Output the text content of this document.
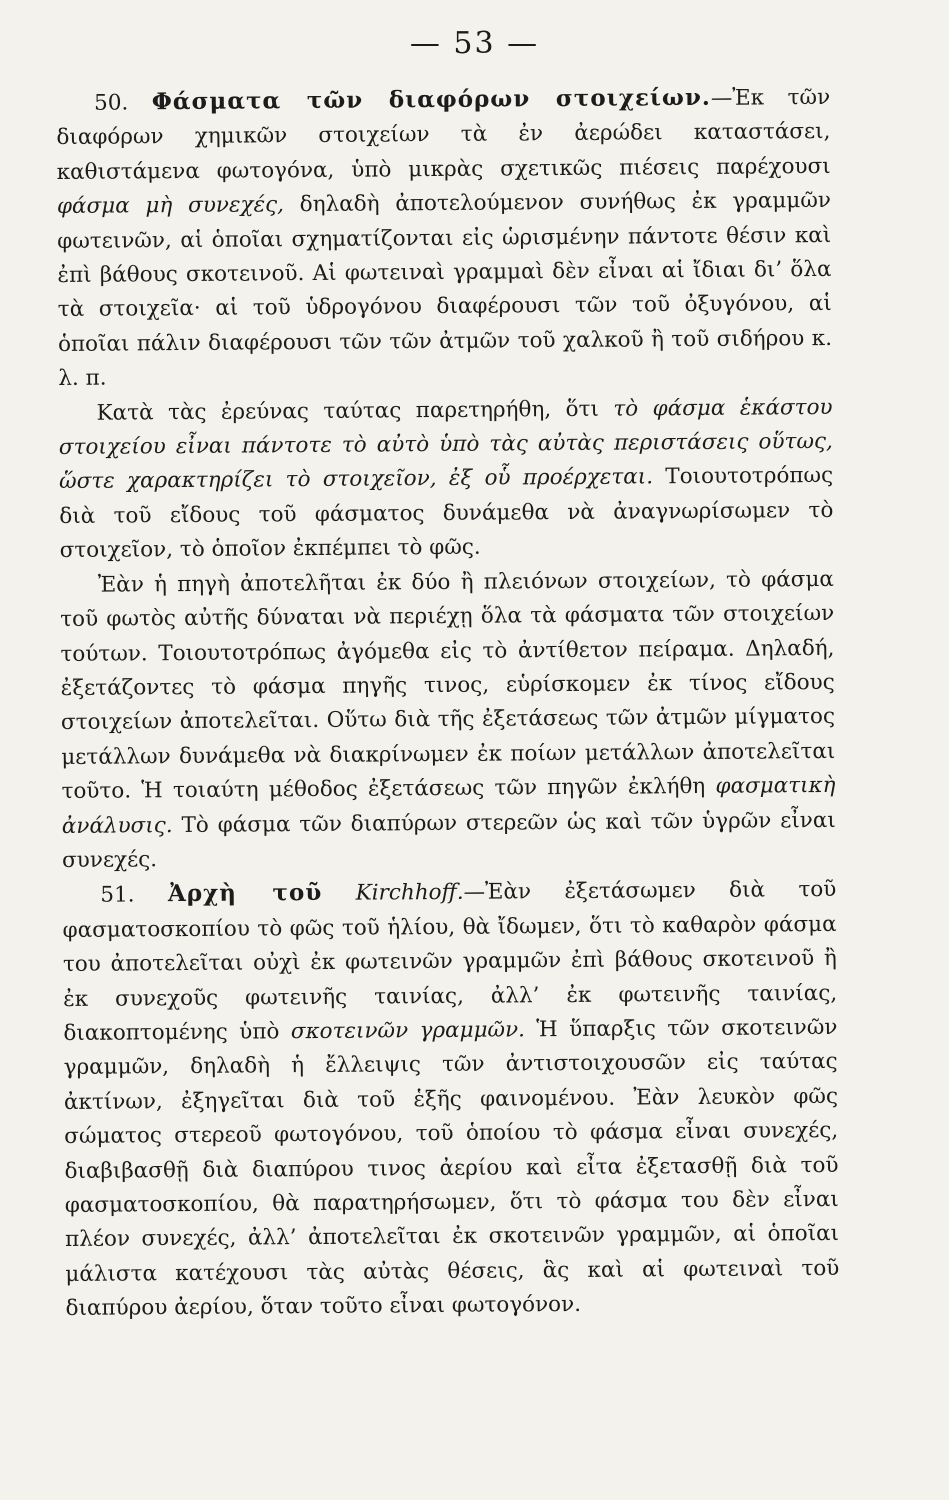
— 53 —

50. Φάσματα τῶν διαφόρων στοιχείων.—Ἐκ τῶν διαφόρων χημικῶν στοιχείων τὰ ἐν ἀερώδει καταστάσει, καθιστάμενα φωτογόνα, ὑπὸ μικρὰς σχετικῶς πιέσεις παρέχουσι φάσμα μὴ συνεχές, δηλαδὴ ἀποτελούμενον συνήθως ἐκ γραμμῶν φωτεινῶν, αἱ ὁποῖαι σχηματίζονται εἰς ὡρισμένην πάντοτε θέσιν καὶ ἐπὶ βάθους σκοτεινοῦ. Αἱ φωτειναὶ γραμμαὶ δὲν εἶναι αἱ ἴδιαι δι’ ὅλα τὰ στοιχεῖα· αἱ τοῦ ὑδρογόνου διαφέρουσι τῶν τοῦ ὀξυγόνου, αἱ ὁποῖαι πάλιν διαφέρουσι τῶν τῶν ἀτμῶν τοῦ χαλκοῦ ἢ τοῦ σιδήρου κ. λ. π.

Κατὰ τὰς ἐρεύνας ταύτας παρετηρήθη, ὅτι τὸ φάσμα ἑκάστου στοιχείου εἶναι πάντοτε τὸ αὐτὸ ὑπὸ τὰς αὐτὰς περιστάσεις οὕτως, ὥστε χαρακτηρίζει τὸ στοιχεῖον, ἐξ οὗ προέρχεται. Τοιουτοτρόπως διὰ τοῦ εἴδους τοῦ φάσματος δυνάμεθα νὰ ἀναγνωρίσωμεν τὸ στοιχεῖον, τὸ ὁποῖον ἐκπέμπει τὸ φῶς.

Ἐὰν ἡ πηγὴ ἀποτελῆται ἐκ δύο ἢ πλειόνων στοιχείων, τὸ φάσμα τοῦ φωτὸς αὐτῆς δύναται νὰ περιέχῃ ὅλα τὰ φάσματα τῶν στοιχείων τούτων. Τοιουτοτρόπως ἀγόμεθα εἰς τὸ ἀντίθετον πείραμα. Δηλαδή, ἐξετάζοντες τὸ φάσμα πηγῆς τινος, εὑρίσκομεν ἐκ τίνος εἴδους στοιχείων ἀποτελεῖται. Οὕτω διὰ τῆς ἐξετάσεως τῶν ἀτμῶν μίγματος μετάλλων δυνάμεθα νὰ διακρίνωμεν ἐκ ποίων μετάλλων ἀποτελεῖται τοῦτο. Ἡ τοιαύτη μέθοδος ἐξετάσεως τῶν πηγῶν ἐκλήθη φασματικὴ ἀνάλυσις. Τὸ φάσμα τῶν διαπύρων στερεῶν ὡς καὶ τῶν ὑγρῶν εἶναι συνεχές.

51. Ἀρχὴ τοῦ Kirchhoff.—Ἐὰν ἐξετάσωμεν διὰ τοῦ φασματοσκοπίου τὸ φῶς τοῦ ἡλίου, θὰ ἴδωμεν, ὅτι τὸ καθαρὸν φάσμα του ἀποτελεῖται οὐχὶ ἐκ φωτεινῶν γραμμῶν ἐπὶ βάθους σκοτεινοῦ ἢ ἐκ συνεχοῦς φωτεινῆς ταινίας, ἀλλ’ ἐκ φωτεινῆς ταινίας, διακοπτομένης ὑπὸ σκοτεινῶν γραμμῶν. Ἡ ὕπαρξις τῶν σκοτεινῶν γραμμῶν, δηλαδὴ ἡ ἔλλειψις τῶν ἀντιστοιχουσῶν εἰς ταύτας ἀκτίνων, ἐξηγεῖται διὰ τοῦ ἑξῆς φαινομένου. Ἐὰν λευκὸν φῶς σώματος στερεοῦ φωτογόνου, τοῦ ὁποίου τὸ φάσμα εἶναι συνεχές, διαβιβασθῇ διὰ διαπύρου τινος ἀερίου καὶ εἶτα ἐξετασθῇ διὰ τοῦ φασματοσκοπίου, θὰ παρατηρήσωμεν, ὅτι τὸ φάσμα του δὲν εἶναι πλέον συνεχές, ἀλλ’ ἀποτελεῖται ἐκ σκοτεινῶν γραμμῶν, αἱ ὁποῖαι μάλιστα κατέχουσι τὰς αὐτὰς θέσεις, ἃς καὶ αἱ φωτειναὶ τοῦ διαπύρου ἀερίου, ὅταν τοῦτο εἶναι φωτογόνον.
